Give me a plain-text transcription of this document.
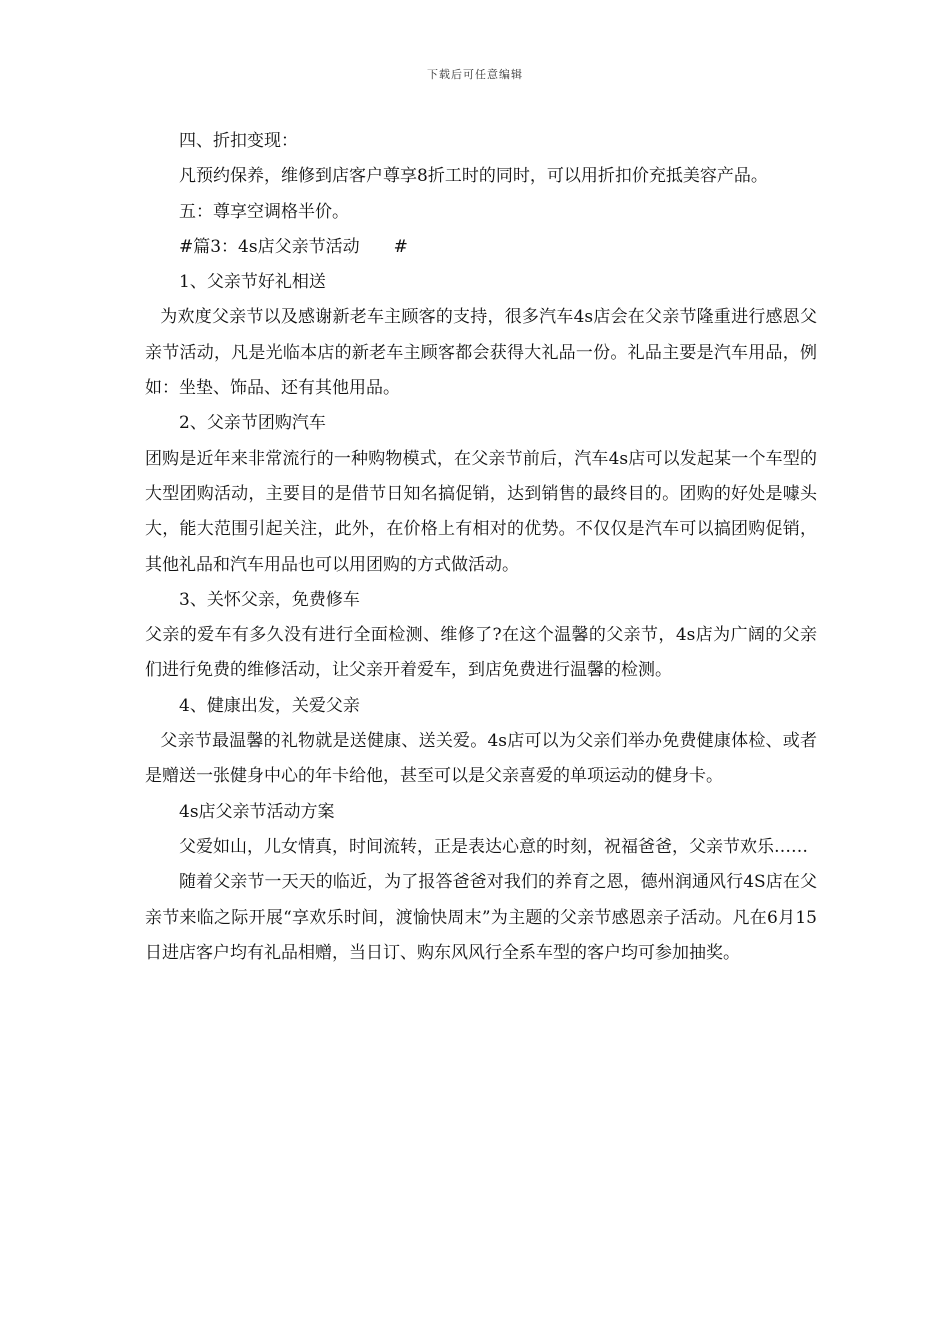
下载后可任意编辑

四、折扣变现：

凡预约保养，维修到店客户尊享8折工时的同时，可以用折扣价充抵美容产品。

五：尊享空调格半价。

#篇3：4s店父亲节活动　　#

1、父亲节好礼相送

为欢度父亲节以及感谢新老车主顾客的支持，很多汽车4s店会在父亲节隆重进行感恩父亲节活动，凡是光临本店的新老车主顾客都会获得大礼品一份。礼品主要是汽车用品，例如：坐垫、饰品、还有其他用品。

2、父亲节团购汽车

团购是近年来非常流行的一种购物模式，在父亲节前后，汽车4s店可以发起某一个车型的大型团购活动，主要目的是借节日知名搞促销，达到销售的最终目的。团购的好处是噱头大，能大范围引起关注，此外，在价格上有相对的优势。不仅仅是汽车可以搞团购促销，其他礼品和汽车用品也可以用团购的方式做活动。

3、关怀父亲，免费修车

父亲的爱车有多久没有进行全面检测、维修了?在这个温馨的父亲节，4s店为广阔的父亲们进行免费的维修活动，让父亲开着爱车，到店免费进行温馨的检测。

4、健康出发，关爱父亲

父亲节最温馨的礼物就是送健康、送关爱。4s店可以为父亲们举办免费健康体检、或者是赠送一张健身中心的年卡给他，甚至可以是父亲喜爱的单项运动的健身卡。

4s店父亲节活动方案

父爱如山，儿女情真，时间流转，正是表达心意的时刻，祝福爸爸，父亲节欢乐……

随着父亲节一天天的临近，为了报答爸爸对我们的养育之恩，德州润通风行4S店在父亲节来临之际开展“享欢乐时间，渡愉快周末”为主题的父亲节感恩亲子活动。凡在6月15日进店客户均有礼品相赠，当日订、购东风风行全系车型的客户均可参加抽奖。
